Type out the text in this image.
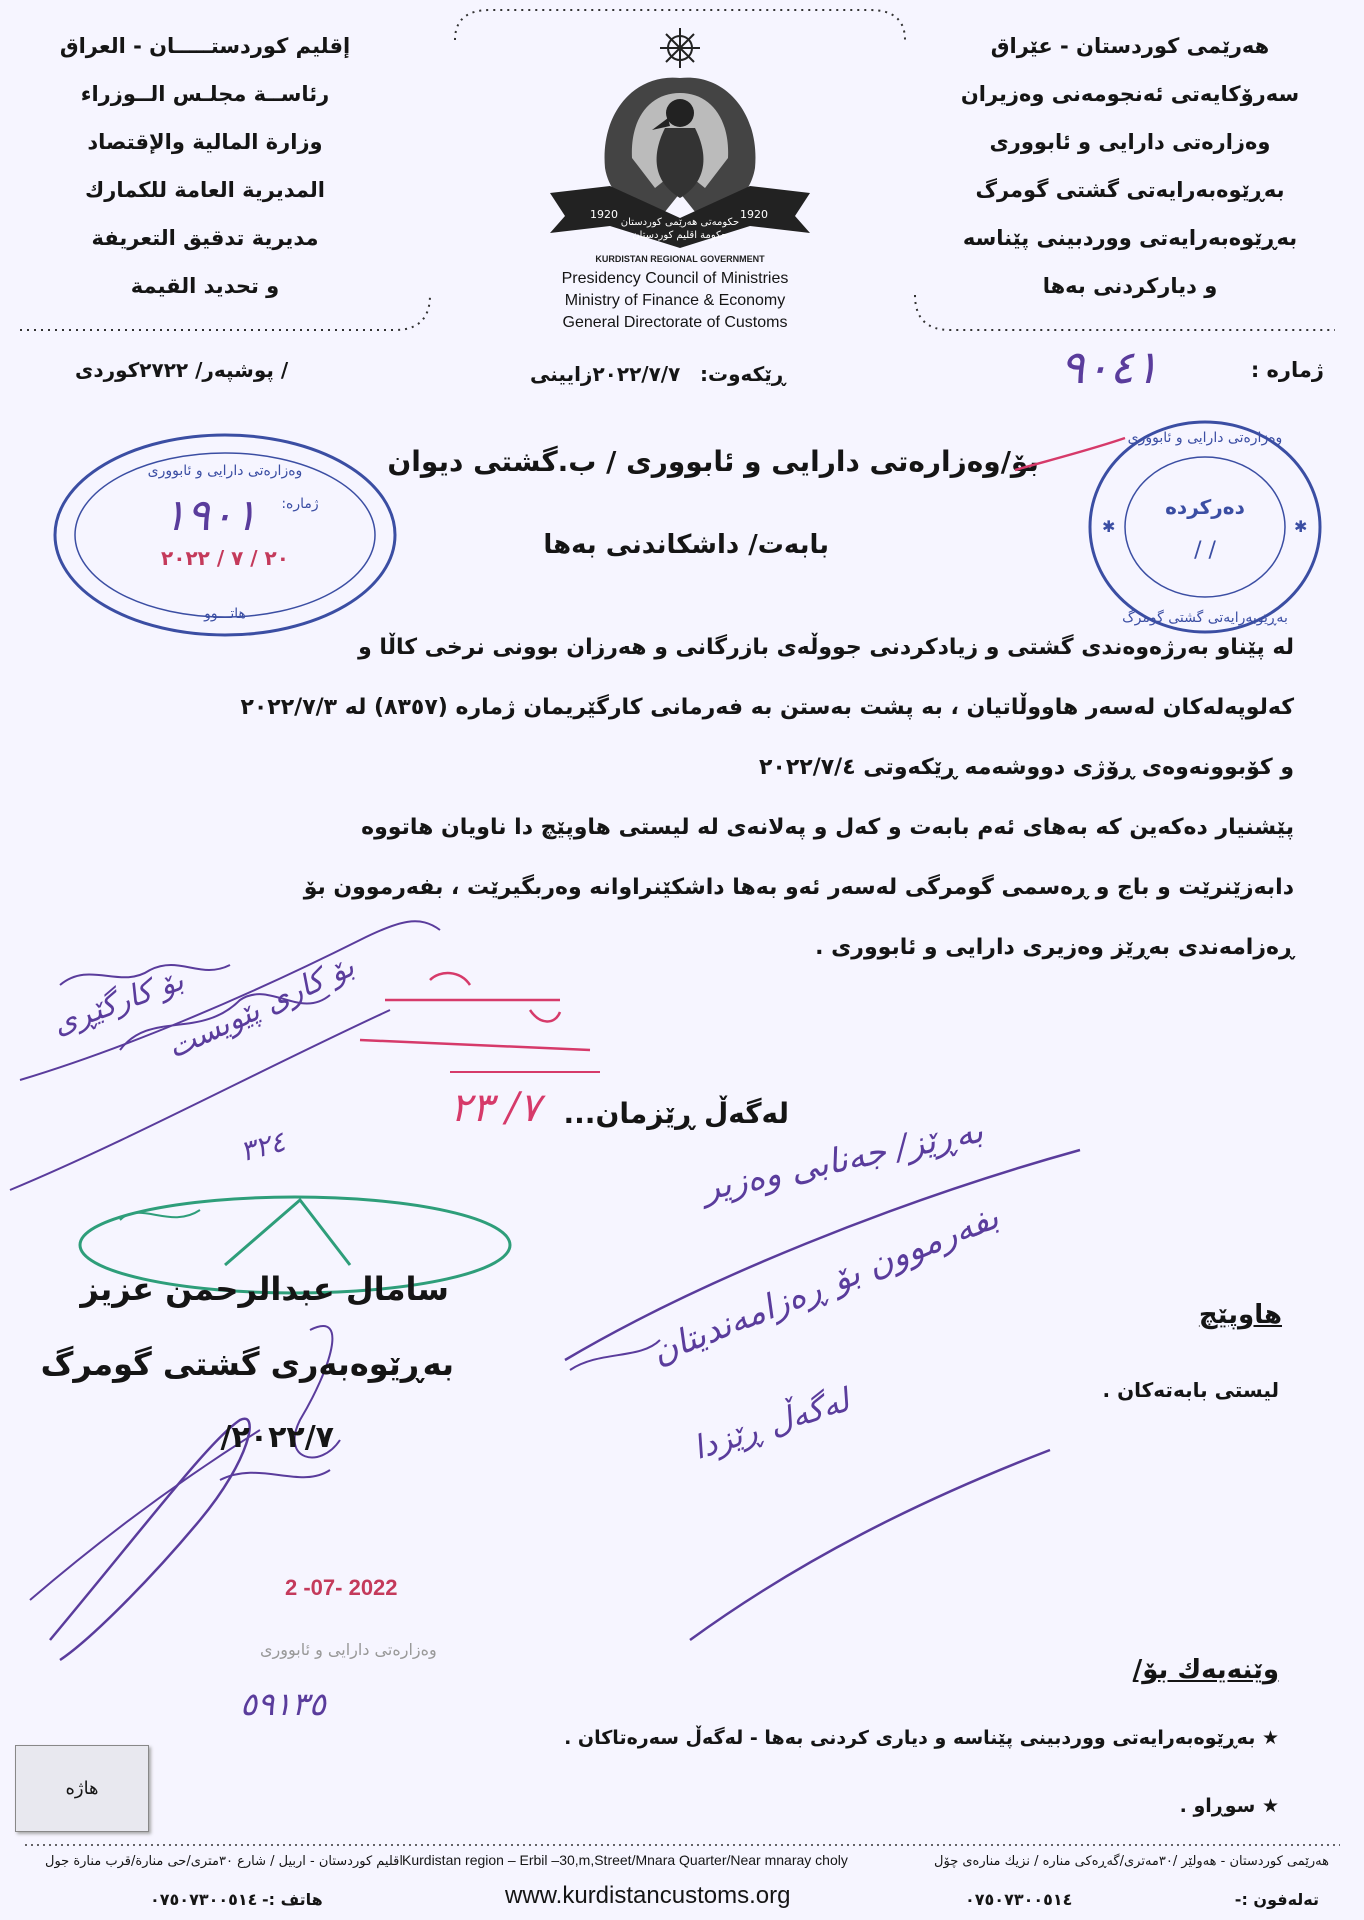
إقليم كوردستـــــان - العراق
رئاســة مجلـس الــوزراء
وزارة المالية والإقتصاد
المديرية العامة للكمارك
مديرية تدقيق التعريفة
و تحديد القيمة
هەرێمی کوردستان - عێراق
سەرۆکایەتی ئەنجومەنی وەزیران
وەزارەتی دارایی و ئابووری
بەڕێوەبەرایەتی گشتی گومرگ
بەڕێوەبەرایەتی ووردبینی پێناسە
و دیارکردنی بەها
1920	1920
حكومەتی هەرێمی كوردستان
حكومة اقليم كوردستان
KURDISTAN REGIONAL GOVERNMENT
Presidency Council of Ministries
Ministry of Finance & Economy
General Directorate of Customs
ژمارە :
٩٠٤١
ڕێکەوت:
٢٠٢٢/٧/٧زایینی
/ پوشپەر/ ٢٧٢٢كوردی
وەزارەتی دارایی و ئابووری
ژمارە:
١٩٠١
٢٠ / ٧ / ٢٠٢٢
هاتـــوو
وەزارەتی دارایی و ئابووری
بەڕێوبەرایەتی گشتی گومرگ
✱	✱
دەرکردە
/ /
بۆ/وەزارەتی دارایی و ئابووری / ب.گشتی دیوان
بابەت/ داشكاندنی بەها
لە پێناو بەرژەوەندی گشتی و زیادکردنی جووڵەی بازرگانی و هەرزان بوونی نرخی کاڵا و
کەلوپەلەکان لەسەر هاووڵاتیان ، بە پشت بەستن بە فەرمانی کارگێریمان ژمارە (٨٣٥٧) لە ٢٠٢٢/٧/٣
و کۆبوونەوەی ڕۆژی دووشەمە ڕێکەوتی ٢٠٢٢/٧/٤
پێشنیار دەکەین کە بەهای ئەم بابەت و کەل و پەلانەی لە لیستی هاوپێچ دا ناویان هاتووە
دابەزێنرێت و باج و ڕەسمی گومرگی لەسەر ئەو بەها داشکێنراوانە وەربگیرێت ، بفەرموون بۆ
ڕەزامەندی بەڕێز وەزیری دارایی و ئابووری .
بەڕێز/ جەنابی وەزیر
بفەرموون بۆ ڕەزامەندیتان
لەگەڵ ڕێزدا
بۆ کارگێڕی
بۆ کاری پێویست
٣٢٤
٧/ ٢٣ لەگەڵ ڕێزمان...
سامال عبدالرحمن عزيز
بەڕێوەبەری گشتی گومرگ
٢٠٢٢/٧/
2 -07- 2022
وەزارەتی دارایی و ئابووری
٥٩١٣٥
هاوپێچ
لیستی بابەتەکان .
وێنەیەك بۆ/
★ بەڕێوەبەرایەتی ووردبینی پێناسە و دیاری کردنی بەها - لەگەڵ سەرەتاکان .
★ سوڕاو .
هاژە
هەرێمی کوردستان - هەولێر /٣٠مەتری/گەڕەکی منارە / نزیك منارەی چۆل
Kurdistan region – Erbil –30,m,Street/Mnara Quarter/Near mnaray choly
اقليم كوردستان - اربيل / شارع ٣٠مترى/حى منارة/قرب منارة جول
تەلەفون :-
٠٧٥٠٧٣٠٠٥١٤
هاتف :-
٠٧٥٠٧٣٠٠٥١٤	www.kurdistancustoms.org
